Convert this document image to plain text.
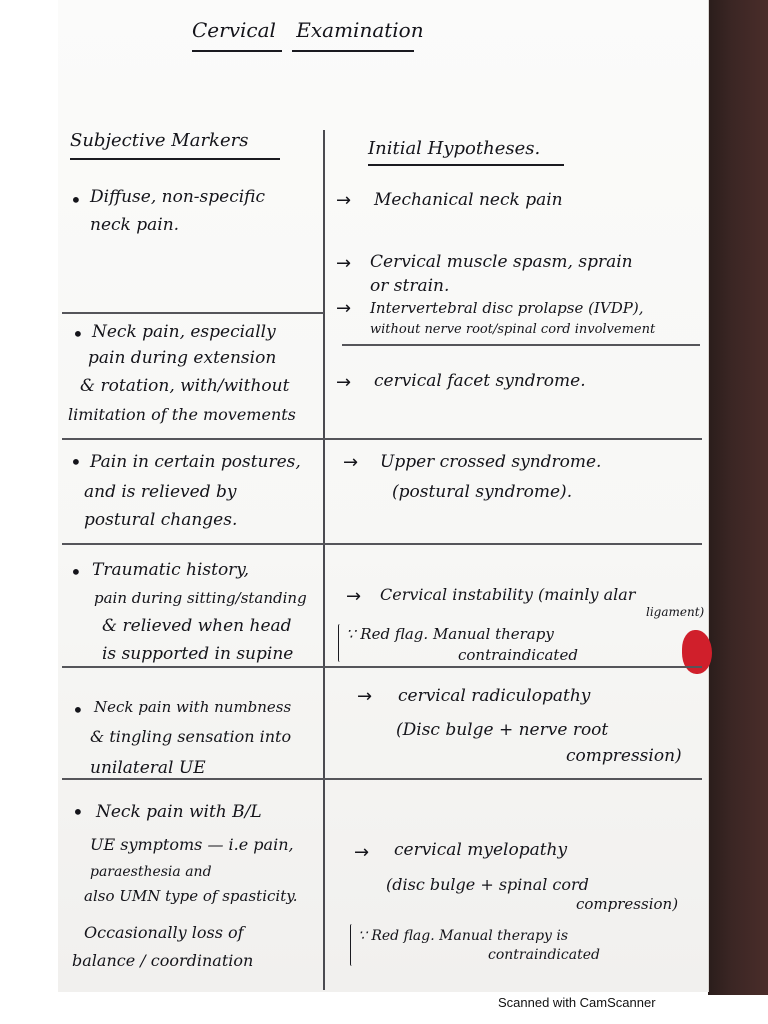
Cervical Examination
Subjective Markers	Initial Hypotheses.
• Diffuse, non-specific
neck pain.
→ Mechanical neck pain
→ Cervical muscle spasm, sprain
or strain.
→ Intervertebral disc prolapse (IVDP),
without nerve root/spinal cord involvement
• Neck pain, especially
pain during extension
& rotation, with/without
limitation of the movements
→ cervical facet syndrome.
• Pain in certain postures,
and is relieved by
postural changes.
→ Upper crossed syndrome.
(postural syndrome).
• Traumatic history,
pain during sitting/standing
& relieved when head
is supported in supine
→ Cervical instability (mainly alar
ligament)
∵ Red flag. Manual therapy
contraindicated
• Neck pain with numbness
& tingling sensation into
unilateral UE
→ cervical radiculopathy
(Disc bulge + nerve root
compression)
• Neck pain with B/L
UE symptoms — i.e pain,
paraesthesia and
also UMN type of spasticity.
Occasionally loss of
balance / coordination
→ cervical myelopathy
(disc bulge + spinal cord
compression)
∵ Red flag. Manual therapy is
contraindicated
Scanned with CamScanner
